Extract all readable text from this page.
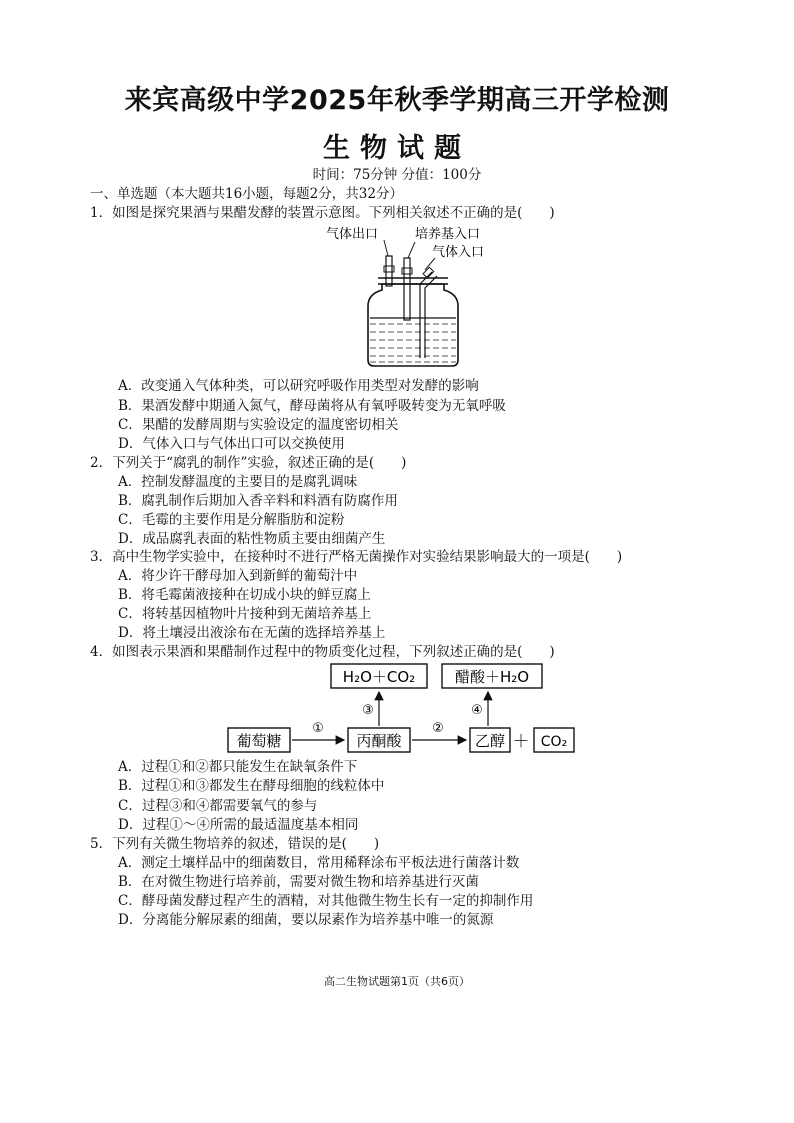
来宾高级中学2025年秋季学期高三开学检测
生物试题
时间：75分钟 分值：100分
一、单选题（本大题共16小题，每题2分，共32分）
1．如图是探究果酒与果醋发酵的装置示意图。下列相关叙述不正确的是(　　)
气体出口	培养基入口
气体入口
A．改变通入气体种类，可以研究呼吸作用类型对发酵的影响
B．果酒发酵中期通入氮气，酵母菌将从有氧呼吸转变为无氧呼吸
C．果醋的发酵周期与实验设定的温度密切相关
D．气体入口与气体出口可以交换使用
2．下列关于“腐乳的制作”实验，叙述正确的是(　　)
A．控制发酵温度的主要目的是腐乳调味
B．腐乳制作后期加入香辛料和料酒有防腐作用
C．毛霉的主要作用是分解脂肪和淀粉
D．成品腐乳表面的粘性物质主要由细菌产生
3．高中生物学实验中，在接种时不进行严格无菌操作对实验结果影响最大的一项是(　　)
A．将少许干酵母加入到新鲜的葡萄汁中
B．将毛霉菌液接种在切成小块的鲜豆腐上
C．将转基因植物叶片接种到无菌培养基上
D．将土壤浸出液涂布在无菌的选择培养基上
4．如图表示果酒和果醋制作过程中的物质变化过程，下列叙述正确的是(　　)
H₂O＋CO₂	醋酸＋H₂O
③	④
葡萄糖
①
丙酮酸
②
乙醇 ＋ CO₂
A．过程①和②都只能发生在缺氧条件下
B．过程①和③都发生在酵母细胞的线粒体中
C．过程③和④都需要氧气的参与
D．过程①～④所需的最适温度基本相同
5．下列有关微生物培养的叙述，错误的是(　　)
A．测定土壤样品中的细菌数目，常用稀释涂布平板法进行菌落计数
B．在对微生物进行培养前，需要对微生物和培养基进行灭菌
C．酵母菌发酵过程产生的酒精，对其他微生物生长有一定的抑制作用
D．分离能分解尿素的细菌，要以尿素作为培养基中唯一的氮源
高二生物试题第1页（共6页）
